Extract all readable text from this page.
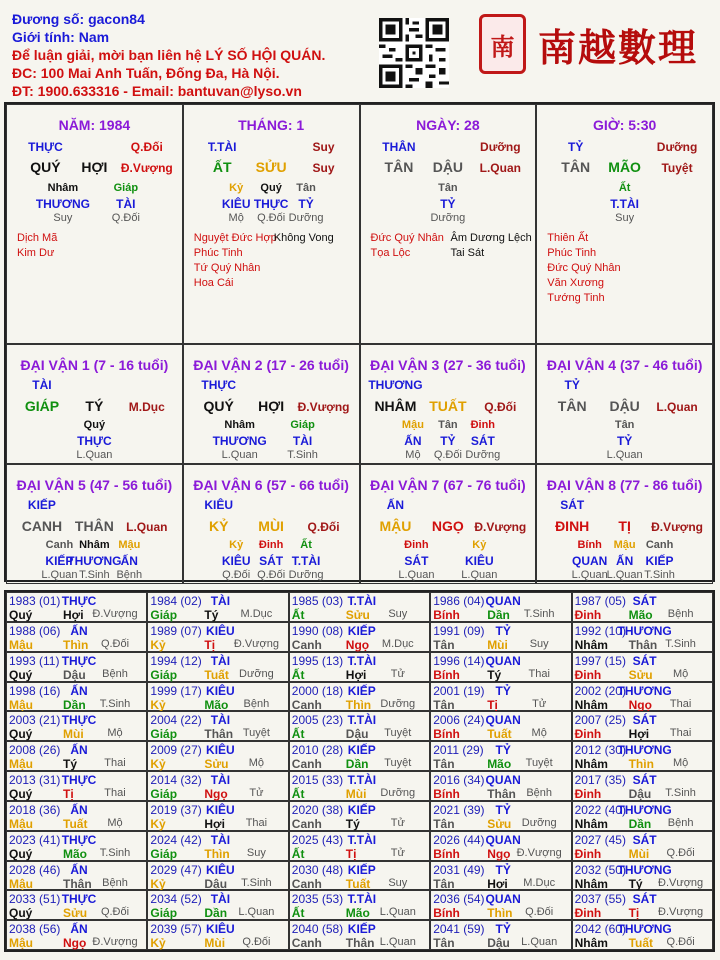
Đương số: gacon84
Giới tính: Nam
Để luận giải, mời bạn liên hệ LÝ SỐ HỘI QUÁN.
ĐC: 100 Mai Anh Tuấn, Đống Đa, Hà Nội.
ĐT: 1900.633316 - Email: bantuvan@lyso.vn
南 南越數理
NĂM: 1984
THỰC	Q.Đối
QUÝ HỢI Đ.Vượng
Nhâm	Giáp
THƯƠNG TÀI
Suy	Q.Đối
Dịch Mã
Kim Dư
THÁNG: 1
T.TÀI	Suy
ẤT SỬU Suy
Kỷ Quý Tân
KIÊU THỰC TỶ
Mộ Q.Đối Dưỡng
Nguyệt Đức Hợp
Phúc Tinh
Tứ Quý Nhân
Hoa Cái
Không Vong
NGÀY: 28
THÂN	Dưỡng
TÂN DẬU L.Quan
Tân
TỶ
Dưỡng
Đức Quý Nhân
Tọa Lộc
Âm Dương Lệch
Tai Sát
GIỜ: 5:30
TỶ	Dưỡng
TÂN MÃO Tuyệt
Ất
T.TÀI
Suy
Thiên Ất
Phúc Tinh
Đức Quý Nhân
Văn Xương
Tướng Tinh
ĐẠI VẬN 1 (7 - 16 tuổi)
TÀI
GIÁP TÝ M.Dục
Quý
THỰC
L.Quan
ĐẠI VẬN 2 (17 - 26 tuổi)
THỰC
QUÝ HỢI Đ.Vượng
Nhâm	Giáp
THƯƠNG TÀI
L.Quan	T.Sinh
ĐẠI VẬN 3 (27 - 36 tuổi)
THƯƠNG
NHÂM TUẤT Q.Đối
Mậu Tân Đinh
ẤN TỶ SÁT
Mộ Q.Đối Dưỡng
ĐẠI VẬN 4 (37 - 46 tuổi)
TỶ
TÂN DẬU L.Quan
Tân
TỶ
L.Quan
ĐẠI VẬN 5 (47 - 56 tuổi)
KIẾP
CANH THÂN L.Quan
Canh Nhâm Mậu
KIẾP
THƯƠNG ẤN
L.Quan T.Sinh Bệnh
ĐẠI VẬN 6 (57 - 66 tuổi)
KIÊU
KỶ MÙI Q.Đối
Kỷ Đinh Ất
KIÊU SÁT T.TÀI
Q.Đối Q.Đối Dưỡng
ĐẠI VẬN 7 (67 - 76 tuổi)
ẤN
MẬU NGỌ Đ.Vượng
Đinh	Kỷ
SÁT	KIÊU
L.Quan L.Quan
ĐẠI VẬN 8 (77 - 86 tuổi)
SÁT
ĐINH TỊ Đ.Vượng
Bính Mậu Canh
QUAN ẤN KIẾP
L.Quan
L.Quan T.Sinh
1983 (01) THỰC
Quý	Hợi Đ.Vượng
1984 (02) TÀI
Giáp Tý M.Dục
1985 (03) T.TÀI
Ất	Sửu Suy
1986 (04) QUAN
Bính Dần T.Sinh
1987 (05) SÁT
Đinh Mão Bệnh
1988 (06) ẤN
Mậu	Thìn Q.Đối
1989 (07) KIÊU
Kỷ	Tị Đ.Vượng
1990 (08) KIẾP
Canh Ngọ M.Dục
1991 (09) TỶ
Tân	Mùi Suy
1992 (10)
THƯƠNG
Nhâm Thân T.Sinh
1993 (11) THỰC
Quý	Dậu Bệnh
1994 (12) TÀI
Giáp Tuất Dưỡng
1995 (13) T.TÀI
Ất	Hợi Tử
1996 (14) QUAN
Bính Tý Thai
1997 (15) SÁT
Đinh Sửu Mộ
1998 (16) ẤN
Mậu	Dần T.Sinh
1999 (17) KIÊU
Kỷ	Mão Bệnh
2000 (18) KIẾP
Canh Thìn Dưỡng
2001 (19) TỶ
Tân	Tị	Tử
2002 (20)
THƯƠNG
Nhâm Ngọ Thai
2003 (21) THỰC
Quý	Mùi Mộ
2004 (22) TÀI
Giáp Thân Tuyệt
2005 (23) T.TÀI
Ất	Dậu Tuyệt
2006 (24) QUAN
Bính Tuất Mộ
2007 (25) SÁT
Đinh Hợi Thai
2008 (26) ẤN
Mậu	Tý Thai
2009 (27) KIÊU
Kỷ	Sửu Mộ
2010 (28) KIẾP
Canh Dần Tuyệt
2011 (29) TỶ
Tân	Mão Tuyệt
2012 (30)
THƯƠNG
Nhâm Thìn Mộ
2013 (31) THỰC
Quý	Tị	Thai
2014 (32) TÀI
Giáp Ngọ Tử
2015 (33) T.TÀI
Ất	Mùi Dưỡng
2016 (34) QUAN
Bính Thân Bệnh
2017 (35) SÁT
Đinh Dậu T.Sinh
2018 (36) ẤN
Mậu	Tuất Mộ
2019 (37) KIÊU
Kỷ	Hợi Thai
2020 (38) KIẾP
Canh Tý	Tử
2021 (39) TỶ
Tân	Sửu Dưỡng
2022 (40)
THƯƠNG
Nhâm Dần Bệnh
2023 (41) THỰC
Quý	Mão T.Sinh
2024 (42) TÀI
Giáp Thìn Suy
2025 (43) T.TÀI
Ất	Tị	Tử
2026 (44) QUAN
Bính Ngọ Đ.Vượng
2027 (45) SÁT
Đinh Mùi Q.Đối
2028 (46) ẤN
Mậu	Thân Bệnh
2029 (47) KIÊU
Kỷ	Dậu T.Sinh
2030 (48) KIẾP
Canh Tuất Suy
2031 (49) TỶ
Tân	Hợi M.Dục
2032 (50)
THƯƠNG
Nhâm Tý Đ.Vượng
2033 (51) THỰC
Quý	Sửu Q.Đối
2034 (52) TÀI
Giáp Dần L.Quan
2035 (53) T.TÀI
Ất	Mão L.Quan
2036 (54) QUAN
Bính Thìn Q.Đối
2037 (55) SÁT
Đinh Tị Đ.Vượng
2038 (56) ẤN
Mậu	Ngọ Đ.Vượng
2039 (57) KIÊU
Kỷ	Mùi Q.Đối
2040 (58) KIẾP
Canh Thân L.Quan
2041 (59) TỶ
Tân	Dậu L.Quan
2042 (60)
THƯƠNG
Nhâm Tuất Q.Đối
